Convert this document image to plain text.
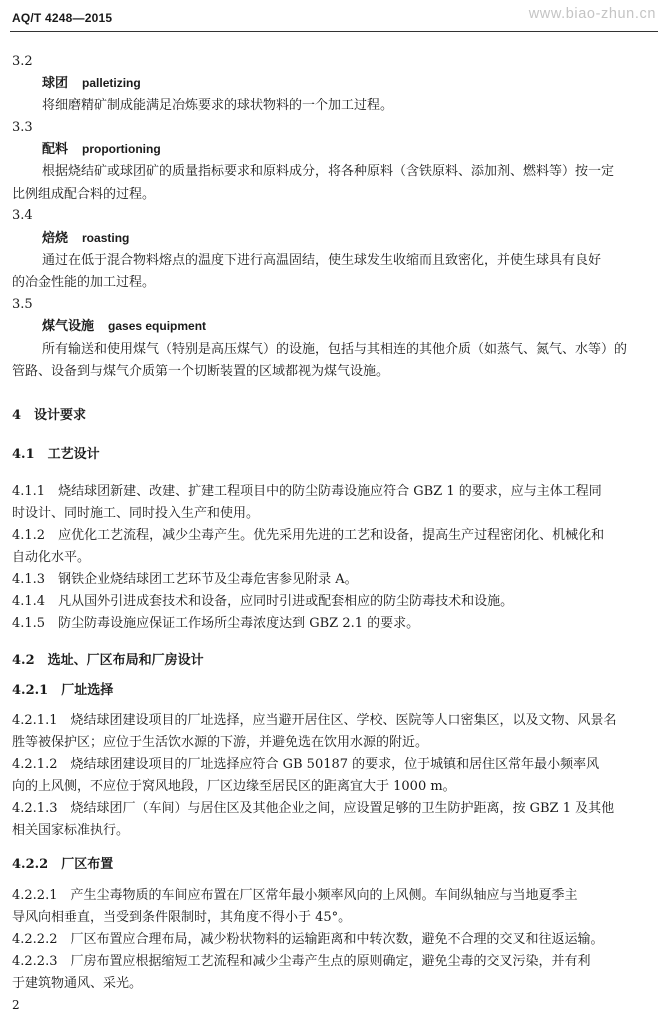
AQ/T 4248—2015	www.biao-zhun.cn
3.2
球团 palletizing
将细磨精矿制成能满足冶炼要求的球状物料的一个加工过程。
3.3
配料 proportioning
根据烧结矿或球团矿的质量指标要求和原料成分，将各种原料（含铁原料、添加剂、燃料等）按一定
比例组成配合料的过程。
3.4
焙烧 roasting
通过在低于混合物料熔点的温度下进行高温固结，使生球发生收缩而且致密化，并使生球具有良好
的冶金性能的加工过程。
3.5
煤气设施 gases equipment
所有输送和使用煤气（特别是高压煤气）的设施，包括与其相连的其他介质（如蒸气、氮气、水等）的
管路、设备到与煤气介质第一个切断装置的区域都视为煤气设施。
4　设计要求
4.1　工艺设计
4.1.1　烧结球团新建、改建、扩建工程项目中的防尘防毒设施应符合 GBZ 1 的要求，应与主体工程同
时设计、同时施工、同时投入生产和使用。
4.1.2　应优化工艺流程，减少尘毒产生。优先采用先进的工艺和设备，提高生产过程密闭化、机械化和
自动化水平。
4.1.3　钢铁企业烧结球团工艺环节及尘毒危害参见附录 A。
4.1.4　凡从国外引进成套技术和设备，应同时引进或配套相应的防尘防毒技术和设施。
4.1.5　防尘防毒设施应保证工作场所尘毒浓度达到 GBZ 2.1 的要求。
4.2　选址、厂区布局和厂房设计
4.2.1　厂址选择
4.2.1.1　烧结球团建设项目的厂址选择，应当避开居住区、学校、医院等人口密集区，以及文物、风景名
胜等被保护区；应位于生活饮水源的下游，并避免选在饮用水源的附近。
4.2.1.2　烧结球团建设项目的厂址选择应符合 GB 50187 的要求，位于城镇和居住区常年最小频率风
向的上风侧，不应位于窝风地段，厂区边缘至居民区的距离宜大于 1000 m。
4.2.1.3　烧结球团厂（车间）与居住区及其他企业之间，应设置足够的卫生防护距离，按 GBZ 1 及其他
相关国家标准执行。
4.2.2　厂区布置
4.2.2.1　产生尘毒物质的车间应布置在厂区常年最小频率风向的上风侧。车间纵轴应与当地夏季主
导风向相垂直，当受到条件限制时，其角度不得小于 45°。
4.2.2.2　厂区布置应合理布局，减少粉状物料的运输距离和中转次数，避免不合理的交叉和往返运输。
4.2.2.3　厂房布置应根据缩短工艺流程和减少尘毒产生点的原则确定，避免尘毒的交叉污染，并有利
于建筑物通风、采光。
2
